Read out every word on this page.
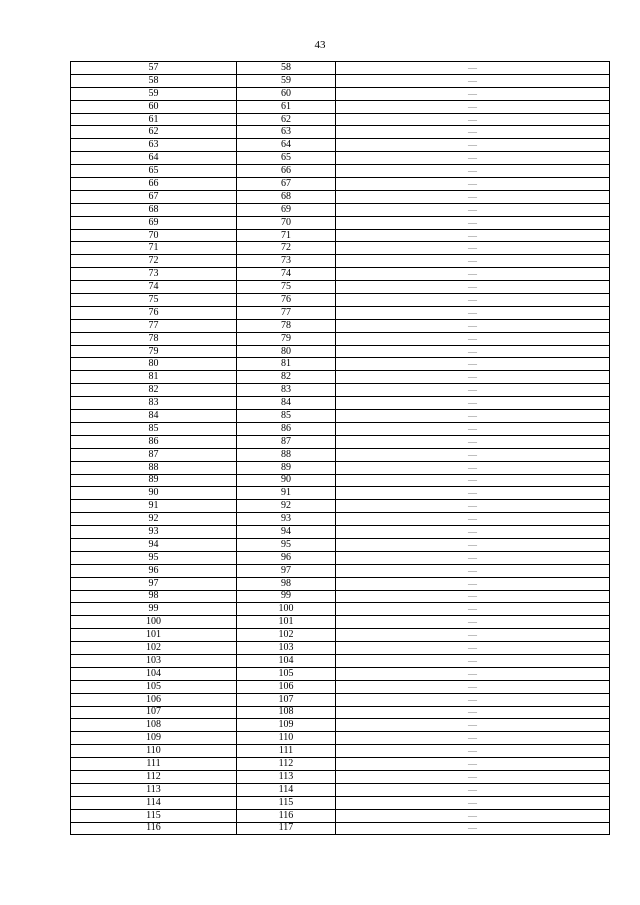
43
57	58	—
58	59	—
59	60	—
60	61	—
61	62	—
62	63	—
63	64	—
64	65	—
65	66	—
66	67	—
67	68	—
68	69	—
69	70	—
70	71	—
71	72	—
72	73	—
73	74	—
74	75	—
75	76	—
76	77	—
77	78	—
78	79	—
79	80	—
80	81	—
81	82	—
82	83	—
83	84	—
84	85	—
85	86	—
86	87	—
87	88	—
88	89	—
89	90	—
90	91	—
91	92	—
92	93	—
93	94	—
94	95	—
95	96	—
96	97	—
97	98	—
98	99	—
99	100	—
100	101	—
101	102	—
102	103	—
103	104	—
104	105	—
105	106	—
106	107	—
107	108	—
108	109	—
109	110	—
110	111	—
111	112	—
112	113	—
113	114	—
114	115	—
115	116	—
116	117	—
